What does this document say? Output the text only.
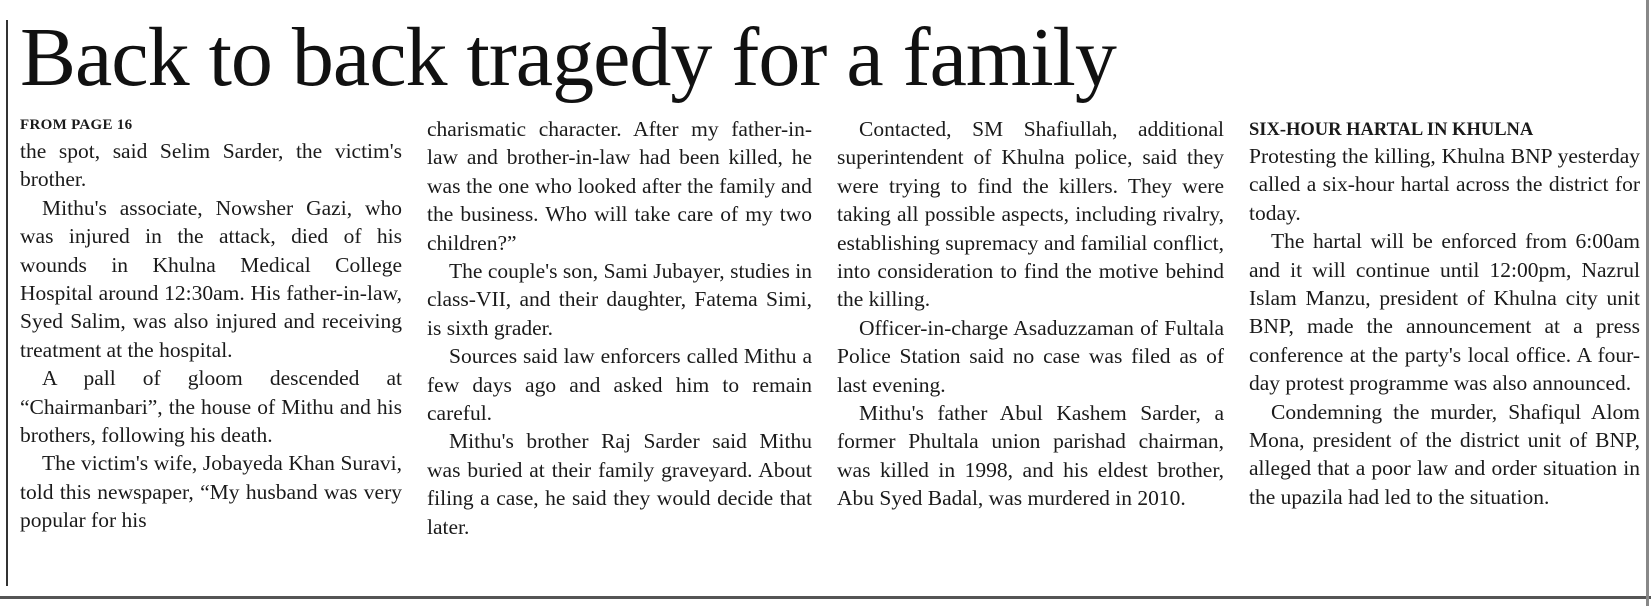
Back to back tragedy for a family
FROM PAGE 16

the spot, said Selim Sarder, the victim's brother.

Mithu's associate, Nowsher Gazi, who was injured in the attack, died of his wounds in Khulna Medical College Hospital around 12:30am. His father-in-law, Syed Salim, was also injured and receiving treatment at the hospital.

A pall of gloom descended at “Chairmanbari”, the house of Mithu and his brothers, following his death.

The victim's wife, Jobayeda Khan Suravi, told this newspaper, “My husband was very popular for his

charismatic character. After my father-in-law and brother-in-law had been killed, he was the one who looked after the family and the business. Who will take care of my two children?”

The couple's son, Sami Jubayer, studies in class-VII, and their daughter, Fatema Simi, is sixth grader.

Sources said law enforcers called Mithu a few days ago and asked him to remain careful.

Mithu's brother Raj Sarder said Mithu was buried at their family graveyard. About filing a case, he said they would decide that later.

Contacted, SM Shafiullah, additional superintendent of Khulna police, said they were trying to find the killers. They were taking all possible aspects, including rivalry, establishing supremacy and familial conflict, into consideration to find the motive behind the killing.

Officer-in-charge Asaduzzaman of Fultala Police Station said no case was filed as of last evening.

Mithu's father Abul Kashem Sarder, a former Phultala union parishad chairman, was killed in 1998, and his eldest brother, Abu Syed Badal, was murdered in 2010.

SIX-HOUR HARTAL IN KHULNA

Protesting the killing, Khulna BNP yesterday called a six-hour hartal across the district for today.

The hartal will be enforced from 6:00am and it will continue until 12:00pm, Nazrul Islam Manzu, president of Khulna city unit BNP, made the announcement at a press conference at the party's local office. A four-day protest programme was also announced.

Condemning the murder, Shafiqul Alom Mona, president of the district unit of BNP, alleged that a poor law and order situation in the upazila had led to the situation.
